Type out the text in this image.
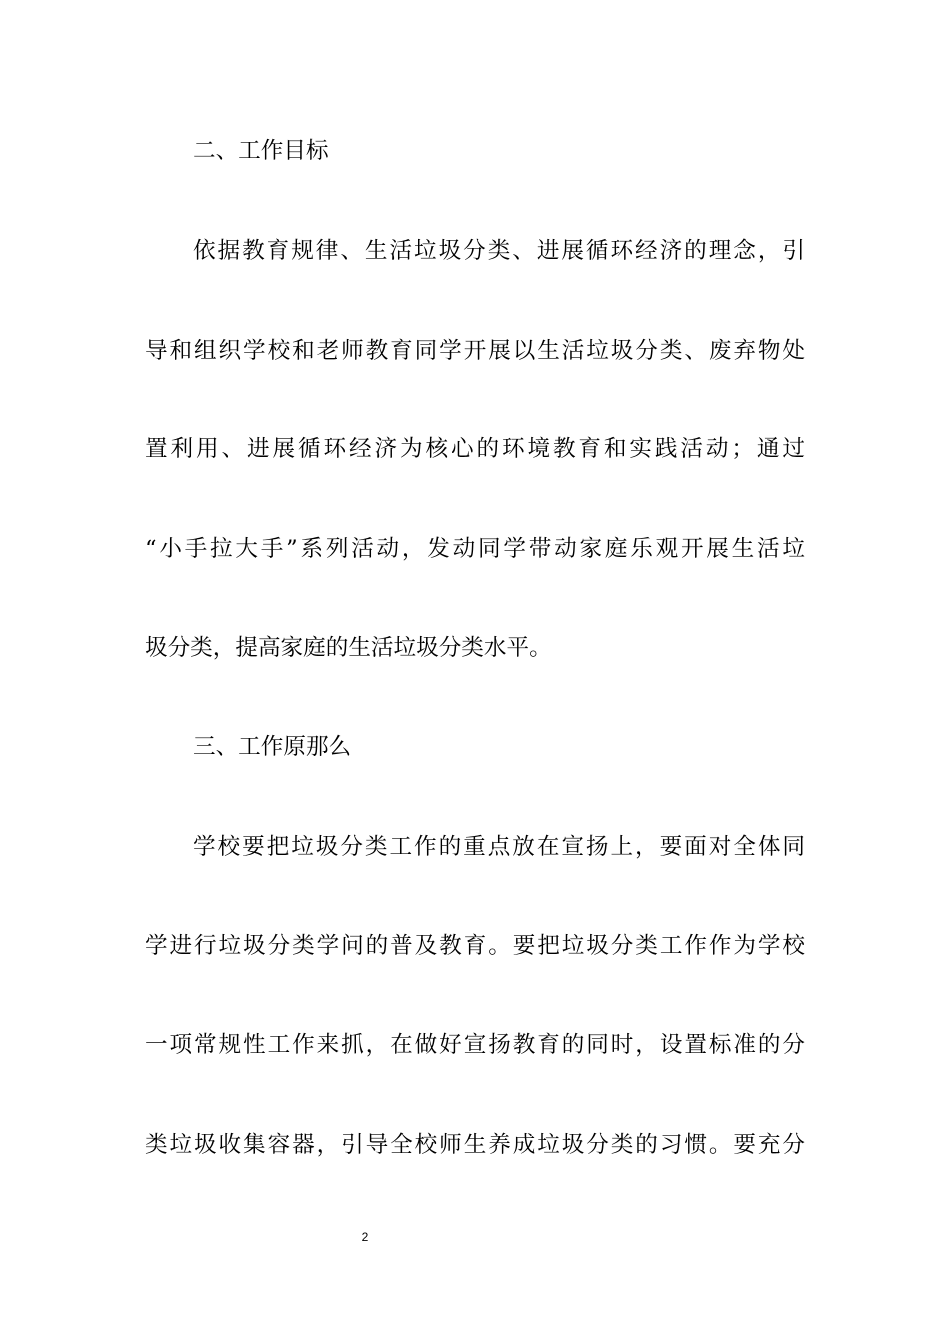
二、工作目标
依据教育规律、生活垃圾分类、进展循环经济的理念，引
导和组织学校和老师教育同学开展以生活垃圾分类、废弃物处
置利用、进展循环经济为核心的环境教育和实践活动；通过
“小手拉大手”系列活动，发动同学带动家庭乐观开展生活垃
圾分类，提高家庭的生活垃圾分类水平。
三、工作原那么
学校要把垃圾分类工作的重点放在宣扬上，要面对全体同
学进行垃圾分类学问的普及教育。要把垃圾分类工作作为学校
一项常规性工作来抓，在做好宣扬教育的同时，设置标准的分
类垃圾收集容器，引导全校师生养成垃圾分类的习惯。要充分
2
